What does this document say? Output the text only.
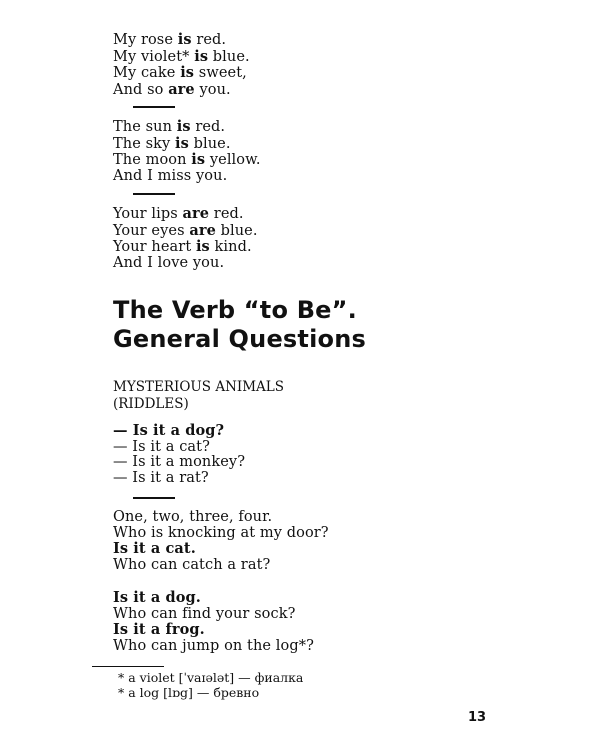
My rose is red.
My violet* is blue.
My cake is sweet,
And so are you.
The sun is red.
The sky is blue.
The moon is yellow.
And I miss you.
Your lips are red.
Your eyes are blue.
Your heart is kind.
And I love you.
The Verb “to Be”.
General Questions
MYSTERIOUS ANIMALS
(RIDDLES)
— Is it a dog?
— Is it a cat?
— Is it a monkey?
— Is it a rat?
One, two, three, four.
Who is knocking at my door?
Is it a cat.
Who can catch a rat?
Is it a dog.
Who can find your sock?
Is it a frog.
Who can jump on the log*?
* a violet [ˈvaɪələt] — фиалка
* a log [lɒg] — бревно
13
